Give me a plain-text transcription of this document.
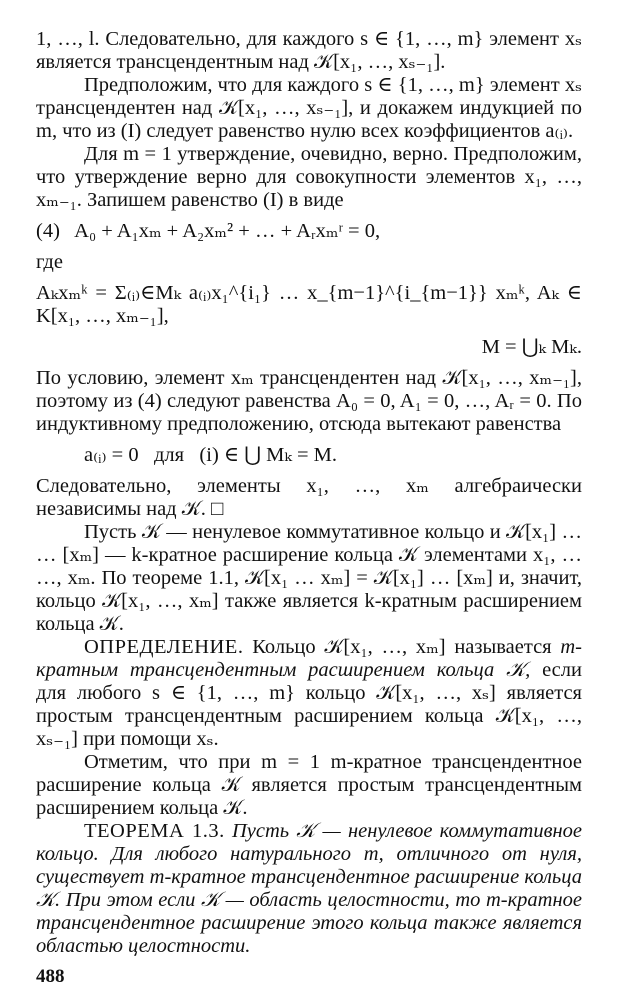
1, …, l. Следовательно, для каждого s ∈ {1, …, m} элемент xₛ является трансцендентным над 𝒦[x₁, …, xₛ₋₁].

Предположим, что для каждого s ∈ {1, …, m} элемент xₛ трансцендентен над 𝒦[x₁, …, xₛ₋₁], и докажем индукцией по m, что из (I) следует равенство нулю всех коэффициентов a₍ᵢ₎.

Для m = 1 утверждение, очевидно, верно. Предположим, что утверждение верно для совокупности элементов x₁, …, xₘ₋₁. Запишем равенство (I) в виде

(4)   A₀ + A₁xₘ + A₂xₘ² + … + Aᵣxₘʳ = 0,

где

Aₖxₘᵏ = Σ₍ᵢ₎∈Mₖ a₍ᵢ₎x₁^{i₁} … x_{m−1}^{i_{m−1}} xₘᵏ, Aₖ ∈ K[x₁, …, xₘ₋₁],

M = ⋃ₖ Mₖ.

По условию, элемент xₘ трансцендентен над 𝒦[x₁, …, xₘ₋₁], поэтому из (4) следуют равенства A₀ = 0, A₁ = 0, …, Aᵣ = 0. По индуктивному предположению, отсюда вытекают равенства

a₍ᵢ₎ = 0   для   (i) ∈ ⋃ Mₖ = M.

Следовательно, элементы x₁, …, xₘ алгебраически независимы над 𝒦. □

Пусть 𝒦 — ненулевое коммутативное кольцо и 𝒦[x₁] … … [xₘ] — k-кратное расширение кольца 𝒦 элементами x₁, … …, xₘ. По теореме 1.1, 𝒦[x₁ … xₘ] = 𝒦[x₁] … [xₘ] и, значит, кольцо 𝒦[x₁, …, xₘ] также является k-кратным расширением кольца 𝒦.

ОПРЕДЕЛЕНИЕ. Кольцо 𝒦[x₁, …, xₘ] называется m-кратным трансцендентным расширением кольца 𝒦, если для любого s ∈ {1, …, m} кольцо 𝒦[x₁, …, xₛ] является простым трансцендентным расширением кольца 𝒦[x₁, …, xₛ₋₁] при помощи xₛ.

Отметим, что при m = 1 m-кратное трансцендентное расширение кольца 𝒦 является простым трансцендентным расширением кольца 𝒦.

ТЕОРЕМА 1.3. Пусть 𝒦 — ненулевое коммутативное кольцо. Для любого натурального m, отличного от нуля, существует m-кратное трансцендентное расширение кольца 𝒦. При этом если 𝒦 — область целостности, то m-кратное трансцендентное расширение этого кольца также является областью целостности.

488
